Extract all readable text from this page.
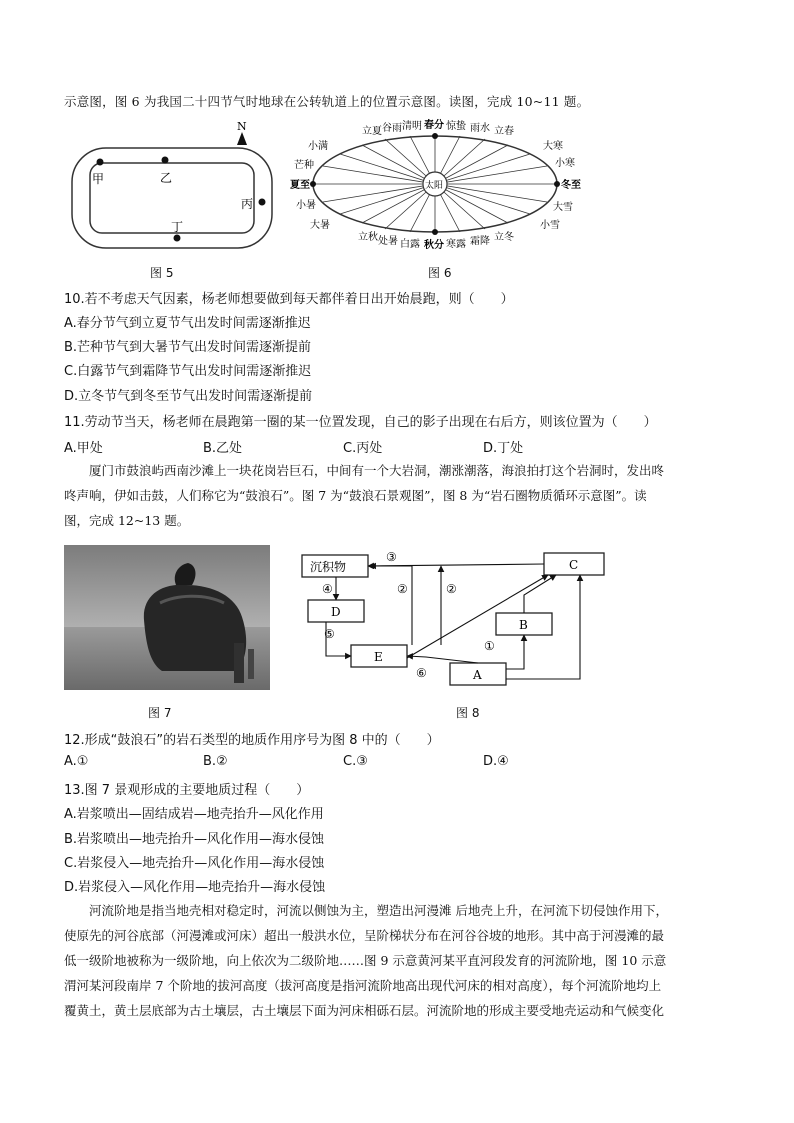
示意图，图 6 为我国二十四节气时地球在公转轨道上的位置示意图。读图，完成 10~11 题。
N
甲	乙
丙
丁
图 5
太阳
立夏 谷雨 清明 春分 惊蛰 雨水 立春
大寒
小寒
冬至
大雪
小雪
立冬
霜降
寒露
秋分
白露
处暑
立秋
小满
芒种
夏至
小暑
大暑
图 6
10.若不考虑天气因素，杨老师想要做到每天都伴着日出开始晨跑，则（　　）
A.春分节气到立夏节气出发时间需逐渐推迟
B.芒种节气到大暑节气出发时间需逐渐提前
C.白露节气到霜降节气出发时间需逐渐推迟
D.立冬节气到冬至节气出发时间需逐渐提前
11.劳动节当天，杨老师在晨跑第一圈的某一位置发现，自己的影子出现在右后方，则该位置为（　　）
A.甲处	B.乙处	C.丙处	D.丁处
厦门市鼓浪屿西南沙滩上一块花岗岩巨石，中间有一个大岩洞，潮涨潮落，海浪拍打这个岩洞时，发出咚
咚声响，伊如击鼓，人们称它为“鼓浪石”。图 7 为“鼓浪石景观图”，图 8 为“岩石圈物质循环示意图”。读
图，完成 12~13 题。
图 7
沉积物	C
D
B
E
A
③
④	②	②
⑤
①
⑥
图 8
12.形成“鼓浪石”的岩石类型的地质作用序号为图 8 中的（　　）
A.①	B.②	C.③	D.④
13.图 7 景观形成的主要地质过程（　　）
A.岩浆喷出—固结成岩—地壳抬升—风化作用
B.岩浆喷出—地壳抬升—风化作用—海水侵蚀
C.岩浆侵入—地壳抬升—风化作用—海水侵蚀
D.岩浆侵入—风化作用—地壳抬升—海水侵蚀
河流阶地是指当地壳相对稳定时，河流以侧蚀为主，塑造出河漫滩 后地壳上升，在河流下切侵蚀作用下，
使原先的河谷底部（河漫滩或河床）超出一般洪水位，呈阶梯状分布在河谷谷坡的地形。其中高于河漫滩的最
低一级阶地被称为一级阶地，向上依次为二级阶地……图 9 示意黄河某平直河段发育的河流阶地，图 10 示意
渭河某河段南岸 7 个阶地的拔河高度（拔河高度是指河流阶地高出现代河床的相对高度），每个河流阶地均上
覆黄土，黄土层底部为古土壤层，古土壤层下面为河床相砾石层。河流阶地的形成主要受地壳运动和气候变化
